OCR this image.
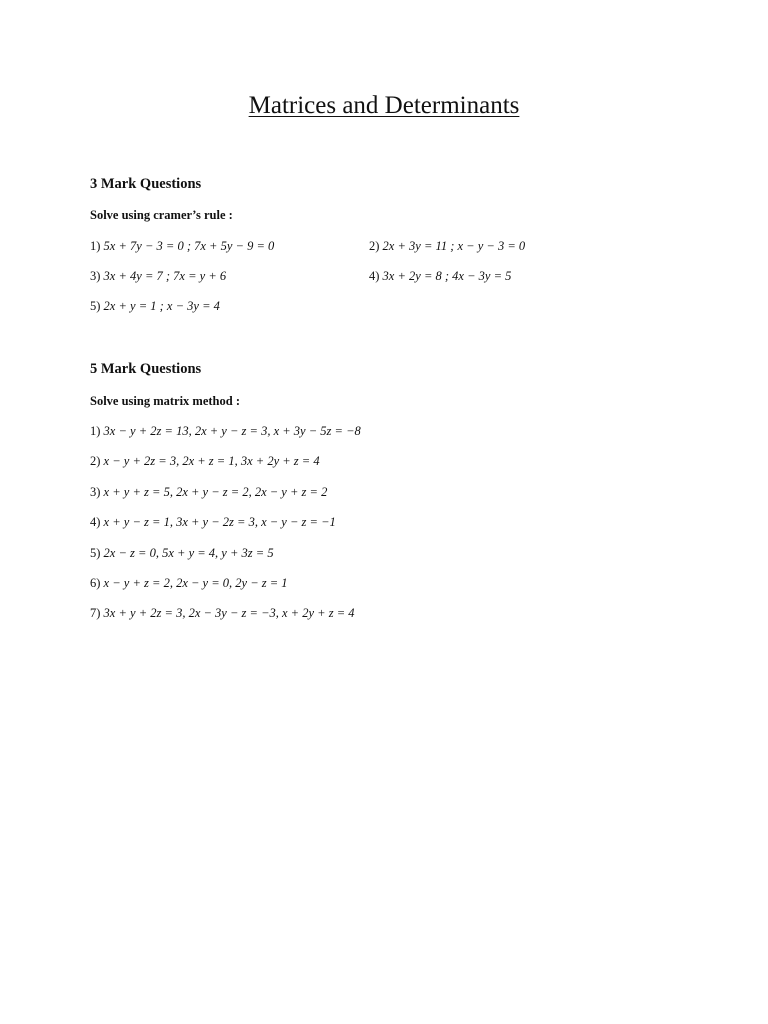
Matrices and Determinants
3 Mark Questions
Solve using cramer’s rule :
1) 5x + 7y − 3 = 0 ; 7x + 5y − 9 = 0	2) 2x + 3y = 11 ; x − y − 3 = 0
3) 3x + 4y = 7 ; 7x = y + 6	4) 3x + 2y = 8 ; 4x − 3y = 5
5) 2x + y = 1 ; x − 3y = 4
5 Mark Questions
Solve using matrix method :
1) 3x − y + 2z = 13, 2x + y − z = 3, x + 3y − 5z = −8
2) x − y + 2z = 3, 2x + z = 1, 3x + 2y + z = 4
3) x + y + z = 5, 2x + y − z = 2, 2x − y + z = 2
4) x + y − z = 1, 3x + y − 2z = 3, x − y − z = −1
5) 2x − z = 0, 5x + y = 4, y + 3z = 5
6) x − y + z = 2, 2x − y = 0, 2y − z = 1
7) 3x + y + 2z = 3, 2x − 3y − z = −3, x + 2y + z = 4
